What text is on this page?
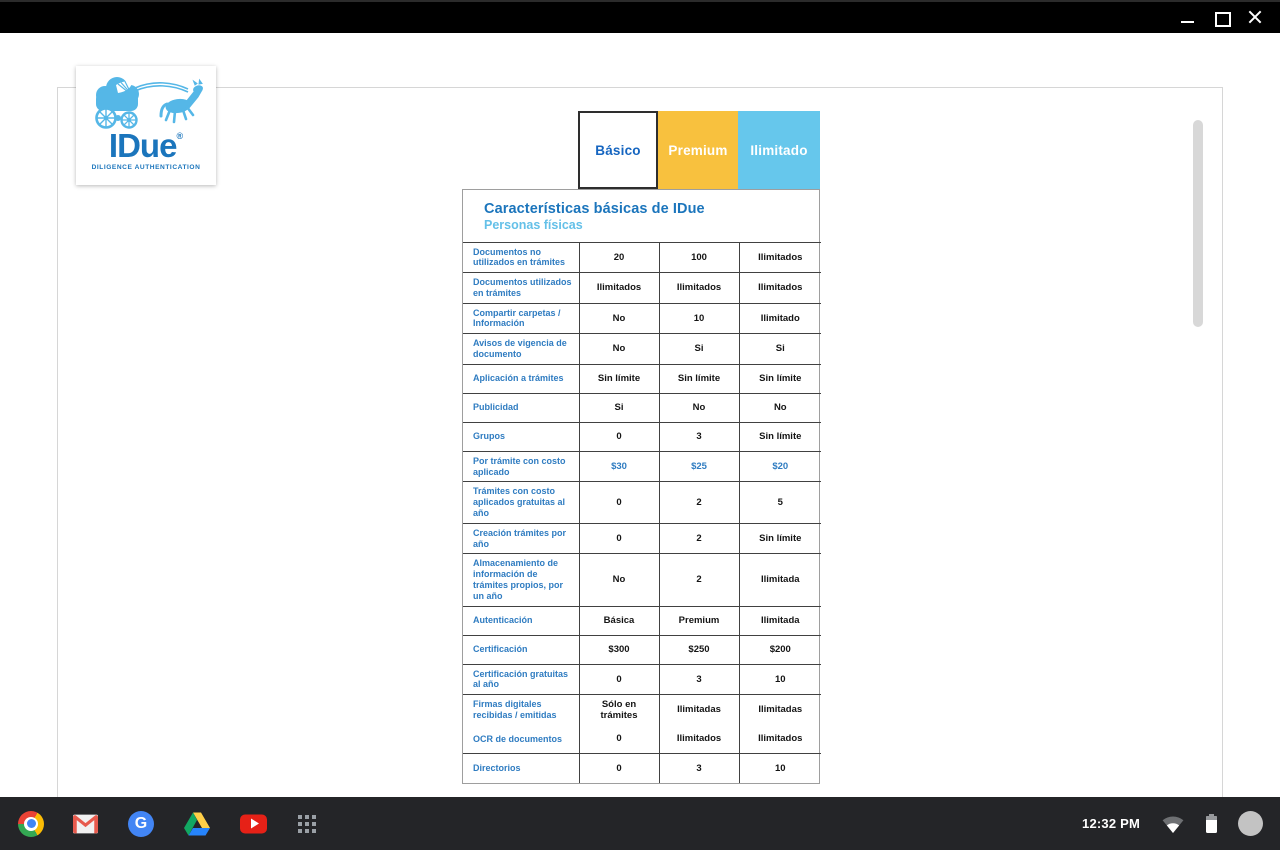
IDue®
DILIGENCE AUTHENTICATION
Básico	Premium	Ilimitado
Características básicas de IDue
Personas físicas			

Documentos no utilizados en trámites	20	100	Ilimitados
Documentos utilizados en trámites	Ilimitados	Ilimitados	Ilimitados
Compartir carpetas / Información	No	10	Ilimitado
Avisos de vigencia de documento	No	Si	Si
Aplicación a trámites	Sin límite	Sin límite	Sin límite
Publicidad	Si	No	No
Grupos	0	3	Sin límite
Por trámite con costo aplicado	$30	$25	$20
Trámites con costo aplicados gratuitas al año	0	2	5
Creación trámites por año	0	2	Sin límite
Almacenamiento de información de trámites propios, por un año	No	2	Ilimitada
Autenticación	Básica	Premium	Ilimitada
Certificación	$300	$250	$200
Certificación gratuitas al año	0	3	10
Firmas digitales recibidas / emitidas	Sólo en trámites	Ilimitadas	Ilimitadas
OCR de documentos	0	Ilimitados	Ilimitados
Directorios	0	3	10
G	12:32 PM
